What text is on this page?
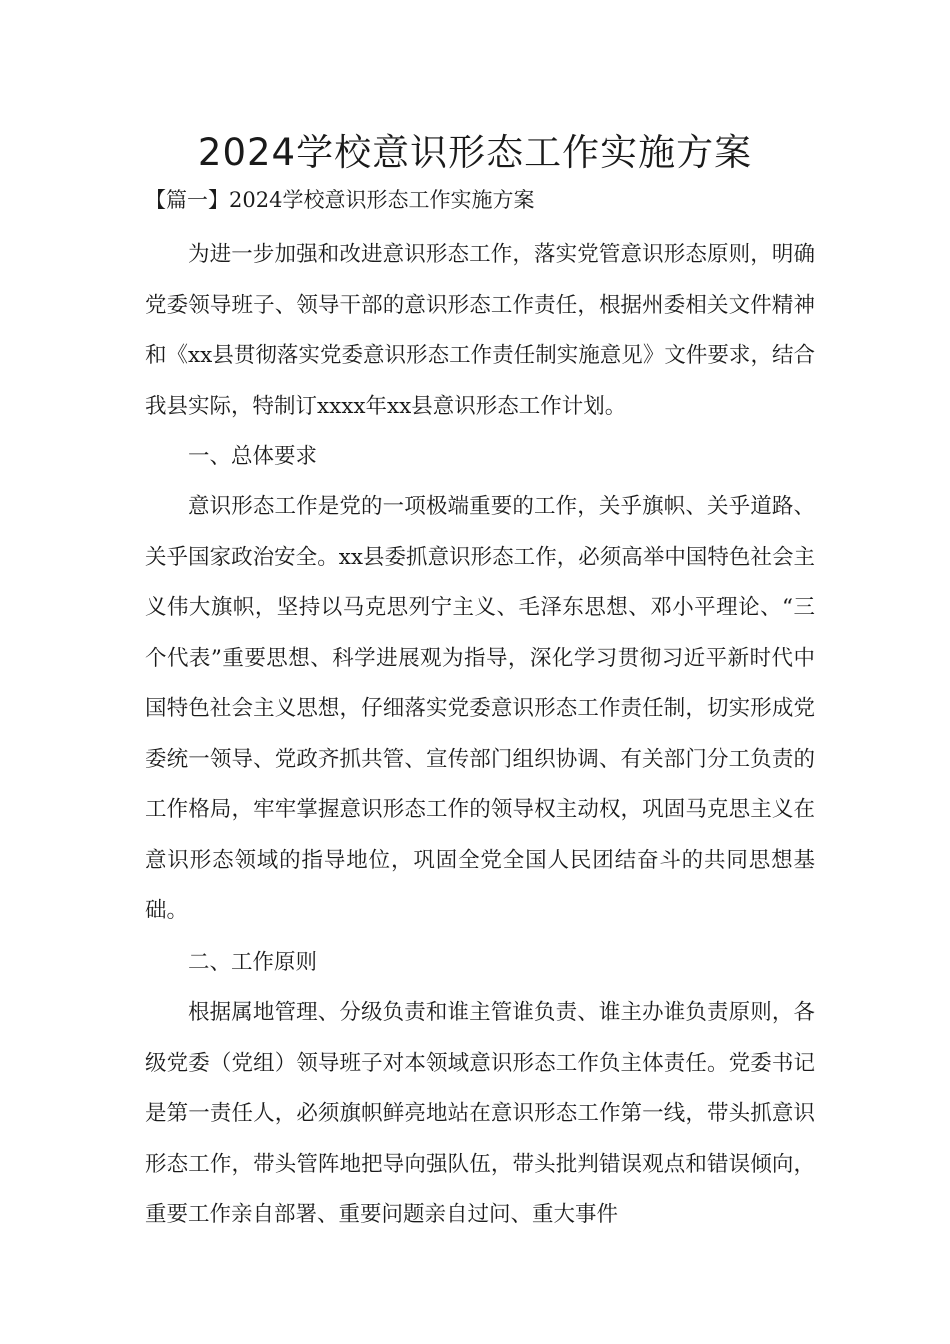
2024学校意识形态工作实施方案

【篇一】2024学校意识形态工作实施方案

为进一步加强和改进意识形态工作，落实党管意识形态原则，明确党委领导班子、领导干部的意识形态工作责任，根据州委相关文件精神和《xx县贯彻落实党委意识形态工作责任制实施意见》文件要求，结合我县实际，特制订xxxx年xx县意识形态工作计划。

一、总体要求

意识形态工作是党的一项极端重要的工作，关乎旗帜、关乎道路、关乎国家政治安全。xx县委抓意识形态工作，必须高举中国特色社会主义伟大旗帜，坚持以马克思列宁主义、毛泽东思想、邓小平理论、“三个代表”重要思想、科学进展观为指导，深化学习贯彻习近平新时代中国特色社会主义思想，仔细落实党委意识形态工作责任制，切实形成党委统一领导、党政齐抓共管、宣传部门组织协调、有关部门分工负责的工作格局，牢牢掌握意识形态工作的领导权主动权，巩固马克思主义在意识形态领域的指导地位，巩固全党全国人民团结奋斗的共同思想基础。

二、工作原则

根据属地管理、分级负责和谁主管谁负责、谁主办谁负责原则，各级党委（党组）领导班子对本领域意识形态工作负主体责任。党委书记是第一责任人，必须旗帜鲜亮地站在意识形态工作第一线，带头抓意识形态工作，带头管阵地把导向强队伍，带头批判错误观点和错误倾向，重要工作亲自部署、重要问题亲自过问、重大事件
